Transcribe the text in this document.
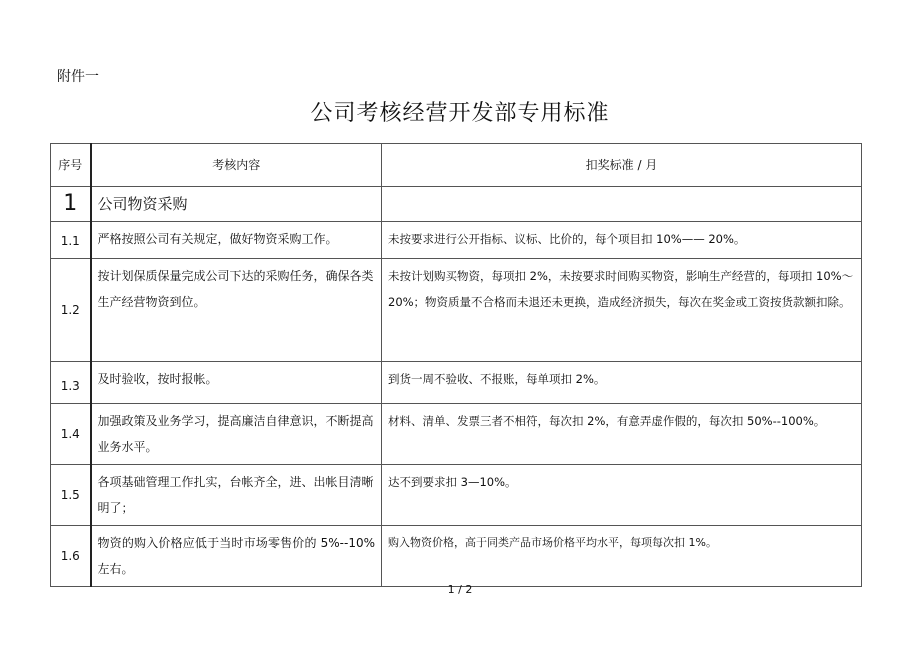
附件一
公司考核经营开发部专用标准
序号	考核内容	扣奖标准 / 月
1	公司物资采购	
1.1	严格按照公司有关规定，做好物资采购工作。	未按要求进行公开指标、议标、比价的，每个项目扣 10%—— 20%。
1.2	按计划保质保量完成公司下达的采购任务，确保各类生产经营物资到位。	未按计划购买物资，每项扣 2%，未按要求时间购买物资，影响生产经营的，每项扣 10%～ 20%；物资质量不合格而未退还未更换，造成经济损失，每次在奖金或工资按货款额扣除。
1.3	及时验收，按时报帐。	到货一周不验收、不报账，每单项扣 2%。
1.4	加强政策及业务学习，提高廉洁自律意识，不断提高业务水平。	材料、清单、发票三者不相符，每次扣 2%，有意弄虚作假的，每次扣 50%--100%。
1.5	各项基础管理工作扎实，台帐齐全，进、出帐目清晰明了；	达不到要求扣 3—10%。
1.6	物资的购入价格应低于当时市场零售价的 5%--10%左右。	购入物资价格，高于同类产品市场价格平均水平，每项每次扣 1%。
1 / 2
